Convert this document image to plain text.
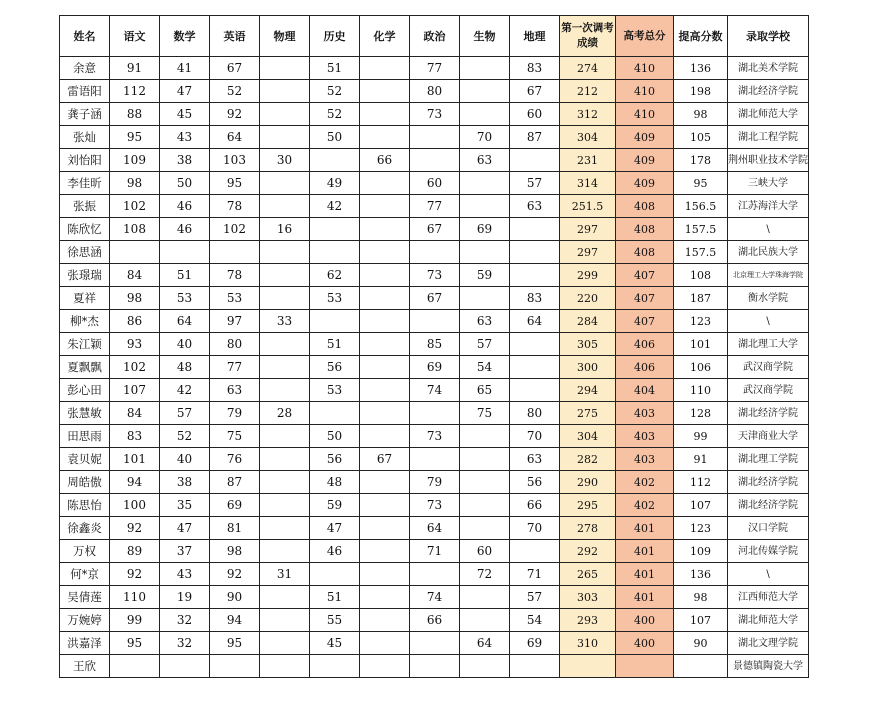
姓名	语文	数学	英语	物理	历史	化学	政治	生物	地理	第一次调考成绩	高考总分	提高分数	录取学校
余意	91	41	67		51		77		83	274	410	136	湖北美术学院
雷语阳	112	47	52		52		80		67	212	410	198	湖北经济学院
龚子涵	88	45	92		52		73		60	312	410	98	湖北师范大学
张灿	95	43	64		50			70	87	304	409	105	湖北工程学院
刘怡阳	109	38	103	30		66		63		231	409	178	荆州职业技术学院
李佳昕	98	50	95		49		60		57	314	409	95	三峡大学
张振	102	46	78		42		77		63	251.5	408	156.5	江苏海洋大学
陈欣忆	108	46	102	16			67	69		297	408	157.5	\
徐思涵										297	408	157.5	湖北民族大学
张璟瑞	84	51	78		62		73	59		299	407	108	北京理工大学珠海学院
夏祥	98	53	53		53		67		83	220	407	187	衡水学院
柳*杰	86	64	97	33				63	64	284	407	123	\
朱江颖	93	40	80		51		85	57		305	406	101	湖北理工大学
夏飘飘	102	48	77		56		69	54		300	406	106	武汉商学院
彭心田	107	42	63		53		74	65		294	404	110	武汉商学院
张慧敏	84	57	79	28				75	80	275	403	128	湖北经济学院
田思雨	83	52	75		50		73		70	304	403	99	天津商业大学
袁贝妮	101	40	76		56	67			63	282	403	91	湖北理工学院
周皓傲	94	38	87		48		79		56	290	402	112	湖北经济学院
陈思怡	100	35	69		59		73		66	295	402	107	湖北经济学院
徐鑫炎	92	47	81		47		64		70	278	401	123	汉口学院
万权	89	37	98		46		71	60		292	401	109	河北传媒学院
何*京	92	43	92	31				72	71	265	401	136	\
吴倩莲	110	19	90		51		74		57	303	401	98	江西师范大学
万婉婷	99	32	94		55		66		54	293	400	107	湖北师范大学
洪嘉泽	95	32	95		45			64	69	310	400	90	湖北文理学院
王欣													景德镇陶瓷大学
